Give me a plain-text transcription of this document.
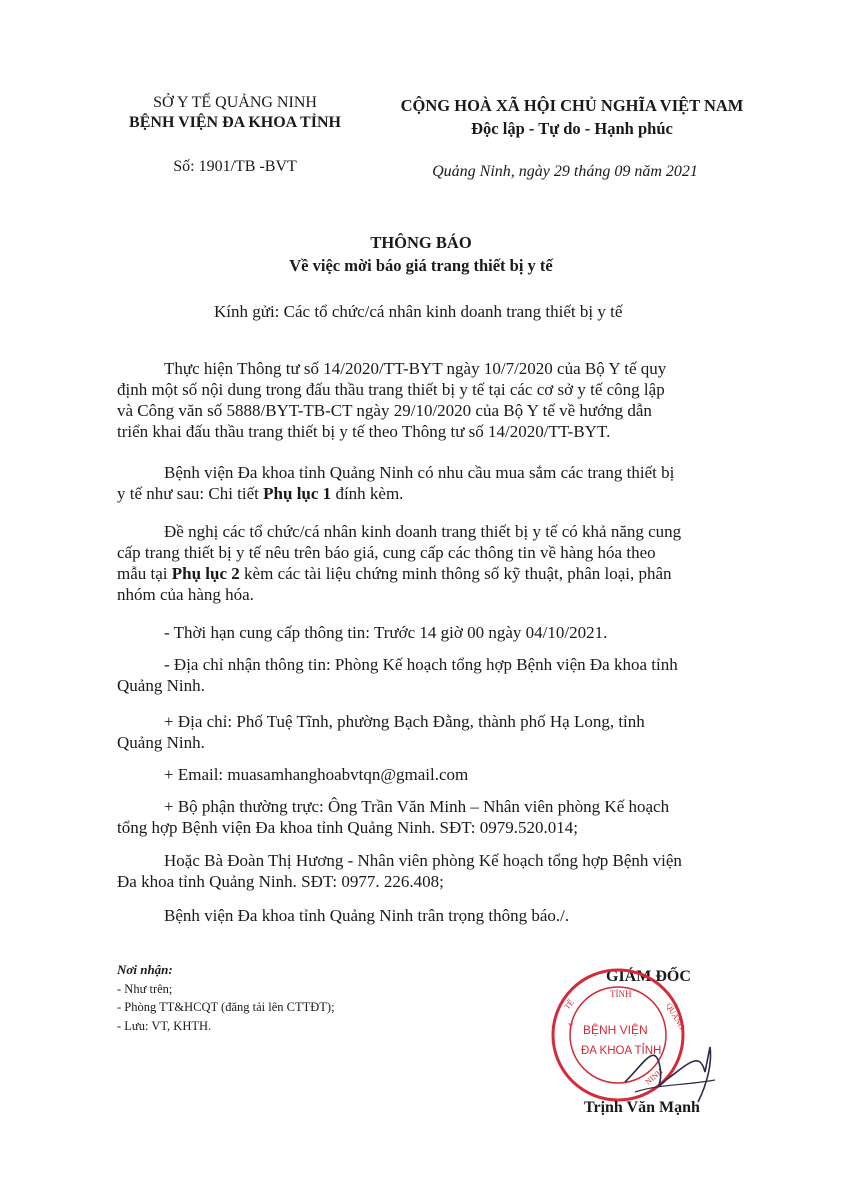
SỞ Y TẾ QUẢNG NINH
BỆNH VIỆN ĐA KHOA TỈNH
Số: 1901/TB -BVT
CỘNG HOÀ XÃ HỘI CHỦ NGHĨA VIỆT NAM
Độc lập - Tự do - Hạnh phúc
Quảng Ninh, ngày 29 tháng 09 năm 2021
THÔNG BÁO
Về việc mời báo giá trang thiết bị y tế
Kính gửi: Các tổ chức/cá nhân kinh doanh trang thiết bị y tế
Thực hiện Thông tư số 14/2020/TT-BYT ngày 10/7/2020 của Bộ Y tế quy
định một số nội dung trong đấu thầu trang thiết bị y tế tại các cơ sở y tế công lập
và Công văn số 5888/BYT-TB-CT ngày 29/10/2020 của Bộ Y tế về hướng dẫn
triển khai đấu thầu trang thiết bị y tế theo Thông tư số 14/2020/TT-BYT.
Bệnh viện Đa khoa tỉnh Quảng Ninh có nhu cầu mua sắm các trang thiết bị
y tế như sau: Chi tiết Phụ lục 1 đính kèm.
Đề nghị các tổ chức/cá nhân kinh doanh trang thiết bị y tế có khả năng cung
cấp trang thiết bị y tế nêu trên báo giá, cung cấp các thông tin về hàng hóa theo
mẫu tại Phụ lục 2 kèm các tài liệu chứng minh thông số kỹ thuật, phân loại, phân
nhóm của hàng hóa.
- Thời hạn cung cấp thông tin: Trước 14 giờ 00 ngày 04/10/2021.
- Địa chỉ nhận thông tin: Phòng Kế hoạch tổng hợp Bệnh viện Đa khoa tỉnh
Quảng Ninh.
+ Địa chỉ: Phố Tuệ Tĩnh, phường Bạch Đằng, thành phố Hạ Long, tỉnh
Quảng Ninh.
+ Email: muasamhanghoabvtqn@gmail.com
+ Bộ phận thường trực: Ông Trần Văn Minh – Nhân viên phòng Kế hoạch
tổng hợp Bệnh viện Đa khoa tỉnh Quảng Ninh. SĐT: 0979.520.014;
Hoặc Bà Đoàn Thị Hương - Nhân viên phòng Kế hoạch tổng hợp Bệnh viện
Đa khoa tỉnh Quảng Ninh. SĐT: 0977. 226.408;
Bệnh viện Đa khoa tỉnh Quảng Ninh trân trọng thông báo./.
Nơi nhận:
- Như trên;
- Phòng TT&HCQT (đăng tải lên CTTĐT);
- Lưu: VT, KHTH.
GIÁM ĐỐC
TỈNH
BỆNH VIỆN
ĐA KHOA TỈNH
QUẢNG
NINH
Y
TẾ
Trịnh Văn Mạnh
